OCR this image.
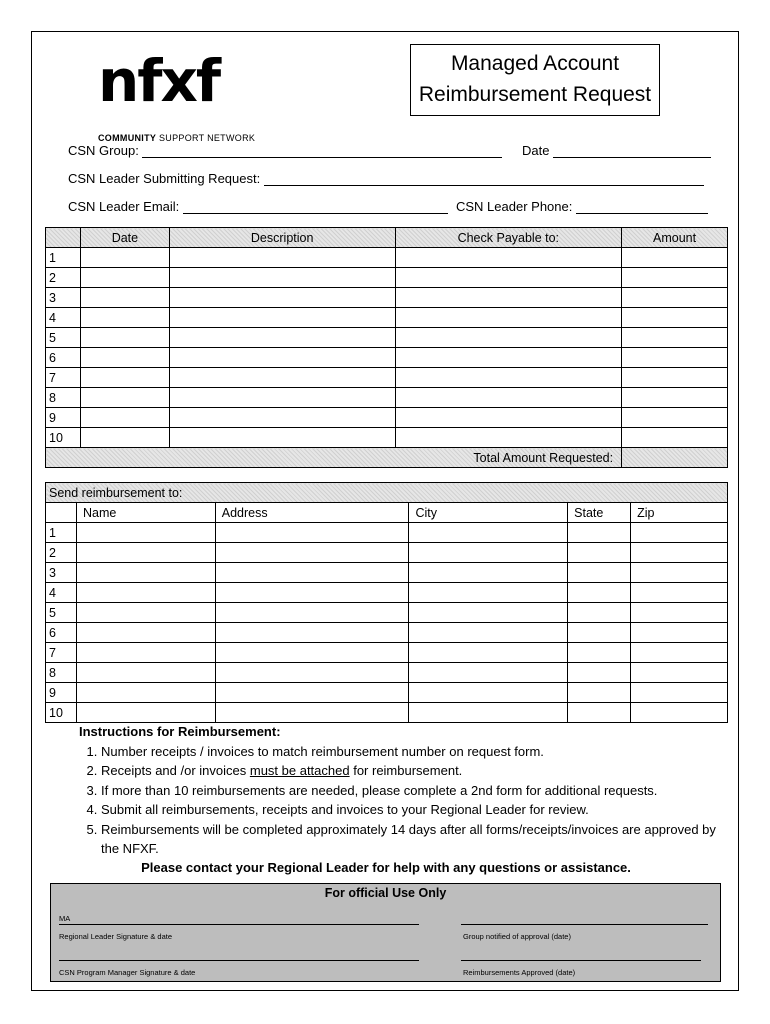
nfxf
COMMUNITY SUPPORT NETWORK
Managed Account
Reimbursement Request
CSN Group:	Date
CSN Leader Submitting Request:
CSN Leader Email:	CSN Leader Phone:
	Date	Description	Check Payable to:	Amount
1				
2				
3				
4				
5				
6				
7				
8				
9				
10				
Total Amount Requested:				
Send reimbursement to:					
	Name	Address	City	State	Zip
1					
2					
3					
4					
5					
6					
7					
8					
9					
10					
Instructions for Reimbursement:
1. Number receipts / invoices to match reimbursement number on request form.
2. Receipts and /or invoices must be attached for reimbursement.
3. If more than 10 reimbursements are needed, please complete a 2nd form for additional requests.
4. Submit all reimbursements, receipts and invoices to your Regional Leader for review.
5. Reimbursements will be completed approximately 14 days after all forms/receipts/invoices are approved by the NFXF.
Please contact your Regional Leader for help with any questions or assistance.
For official Use Only
MA
Regional Leader Signature & date	Group notified of approval (date)
CSN Program Manager Signature & date	Reimbursements Approved (date)
